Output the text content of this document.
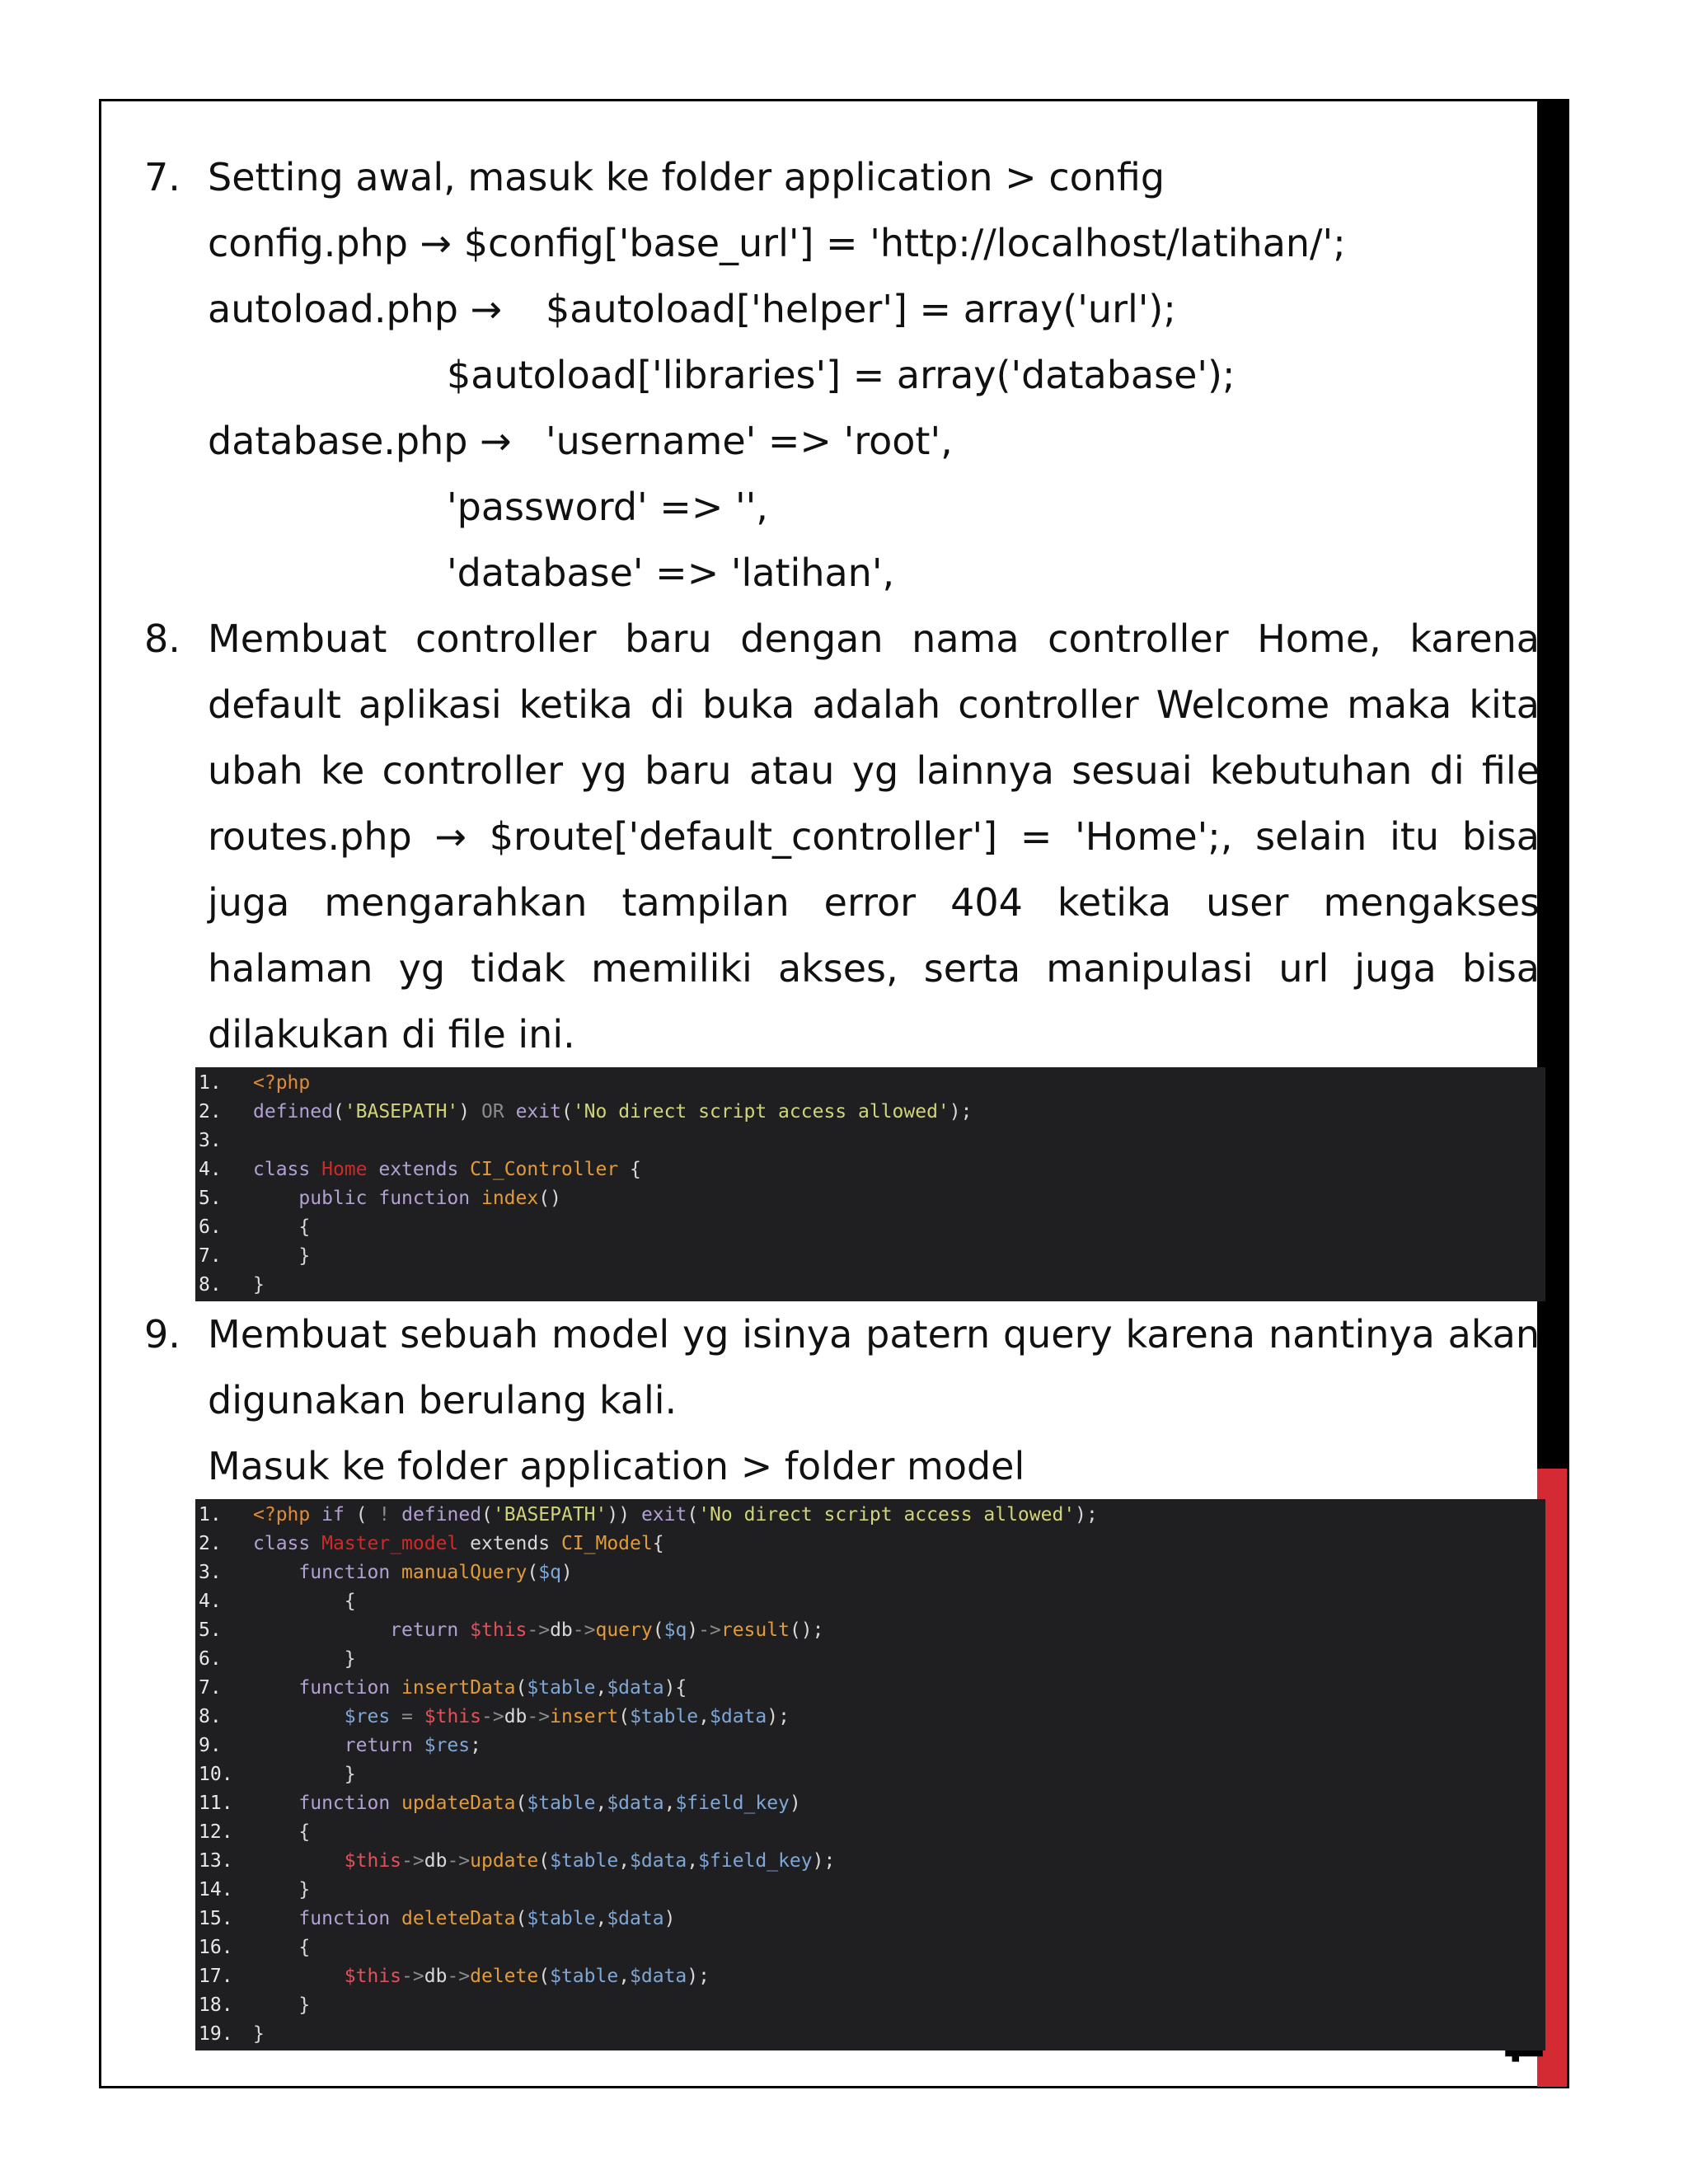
7. Setting awal, masuk ke folder application > config
config.php → $config['base_url'] = 'http://localhost/latihan/';
autoload.php → $autoload['helper'] = array('url');
$autoload['libraries'] = array('database');
database.php → 'username' => 'root',
'password' => '',
'database' => 'latihan',
8. Membuat controller baru dengan nama controller Home, karena default aplikasi ketika di buka adalah controller Welcome maka kita ubah ke controller yg baru atau yg lainnya sesuai kebutuhan di file routes.php → $route['default_controller'] = 'Home';, selain itu bisa juga mengarahkan tampilan error 404 ketika user mengakses halaman yg tidak memiliki akses, serta manipulasi url juga bisa dilakukan di file ini.
1. <?php
2. defined('BASEPATH') OR exit('No direct script access allowed');
3.
4. class Home extends CI_Controller {
5.	public function index()
6.	{
7.	}
8. }
9. Membuat sebuah model yg isinya patern query karena nantinya akan digunakan berulang kali.
Masuk ke folder application > folder model
1. <?php if ( ! defined('BASEPATH')) exit('No direct script access allowed');
2. class Master_model extends CI_Model{
3.	function manualQuery($q)
4.	{
5.	return $this->db->query($q)->result();
6.	}
7.	function insertData($table,$data){
8.	$res = $this->db->insert($table,$data);
9.	return $res;
10.	}
11.	function updateData($table,$data,$field_key)
12.	{
13.	$this->db->update($table,$data,$field_key);
14.	}
15.	function deleteData($table,$data)
16.	{
17.	$this->db->delete($table,$data);
18.	}
19. }
